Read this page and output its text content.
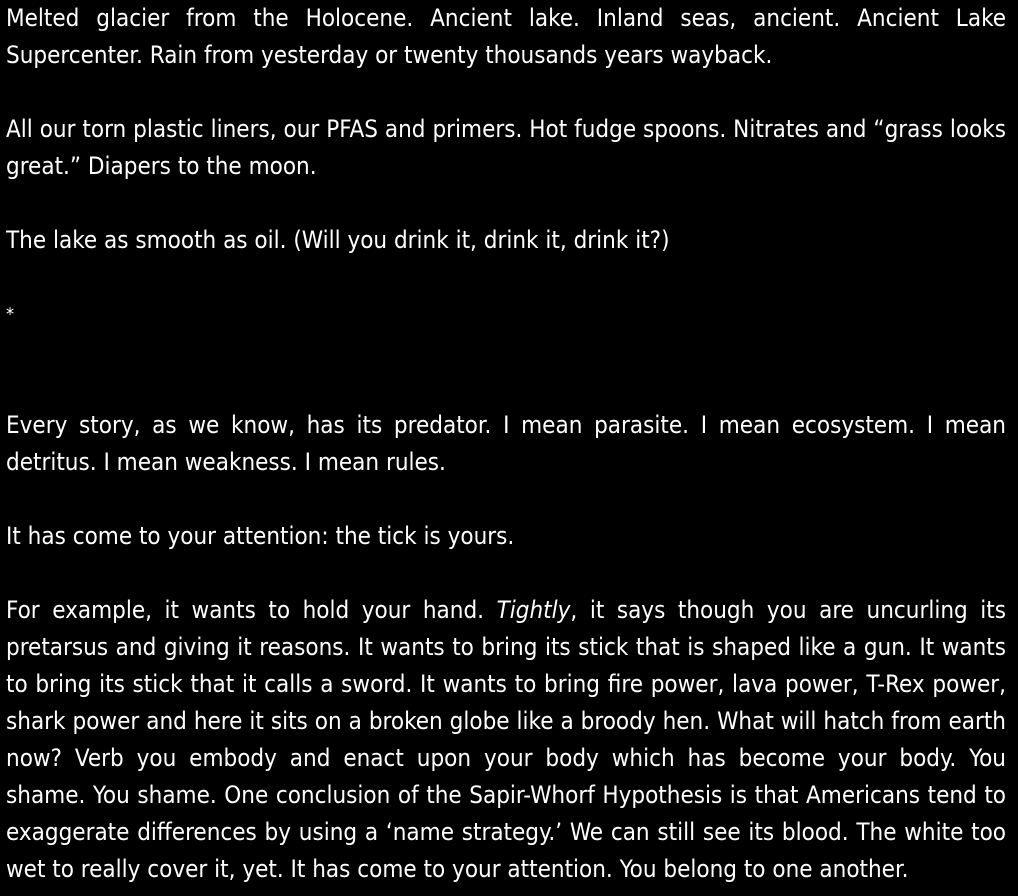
Melted glacier from the Holocene. Ancient lake. Inland seas, ancient. Ancient Lake Supercenter. Rain from yesterday or twenty thousands years wayback.

All our torn plastic liners, our PFAS and primers. Hot fudge spoons. Nitrates and “grass looks great.” Diapers to the moon.

The lake as smooth as oil. (Will you drink it, drink it, drink it?)

*

Every story, as we know, has its predator. I mean parasite. I mean ecosystem. I mean detritus. I mean weakness. I mean rules.

It has come to your attention: the tick is yours.

For example, it wants to hold your hand. Tightly, it says though you are uncurling its pretarsus and giving it reasons. It wants to bring its stick that is shaped like a gun. It wants to bring its stick that it calls a sword. It wants to bring fire power, lava power, T-Rex power, shark power and here it sits on a broken globe like a broody hen. What will hatch from earth now? Verb you embody and enact upon your body which has become your body. You shame. You shame. One conclusion of the Sapir-Whorf Hypothesis is that Americans tend to exaggerate differences by using a ‘name strategy.’ We can still see its blood. The white too wet to really cover it, yet. It has come to your attention. You belong to one another.
